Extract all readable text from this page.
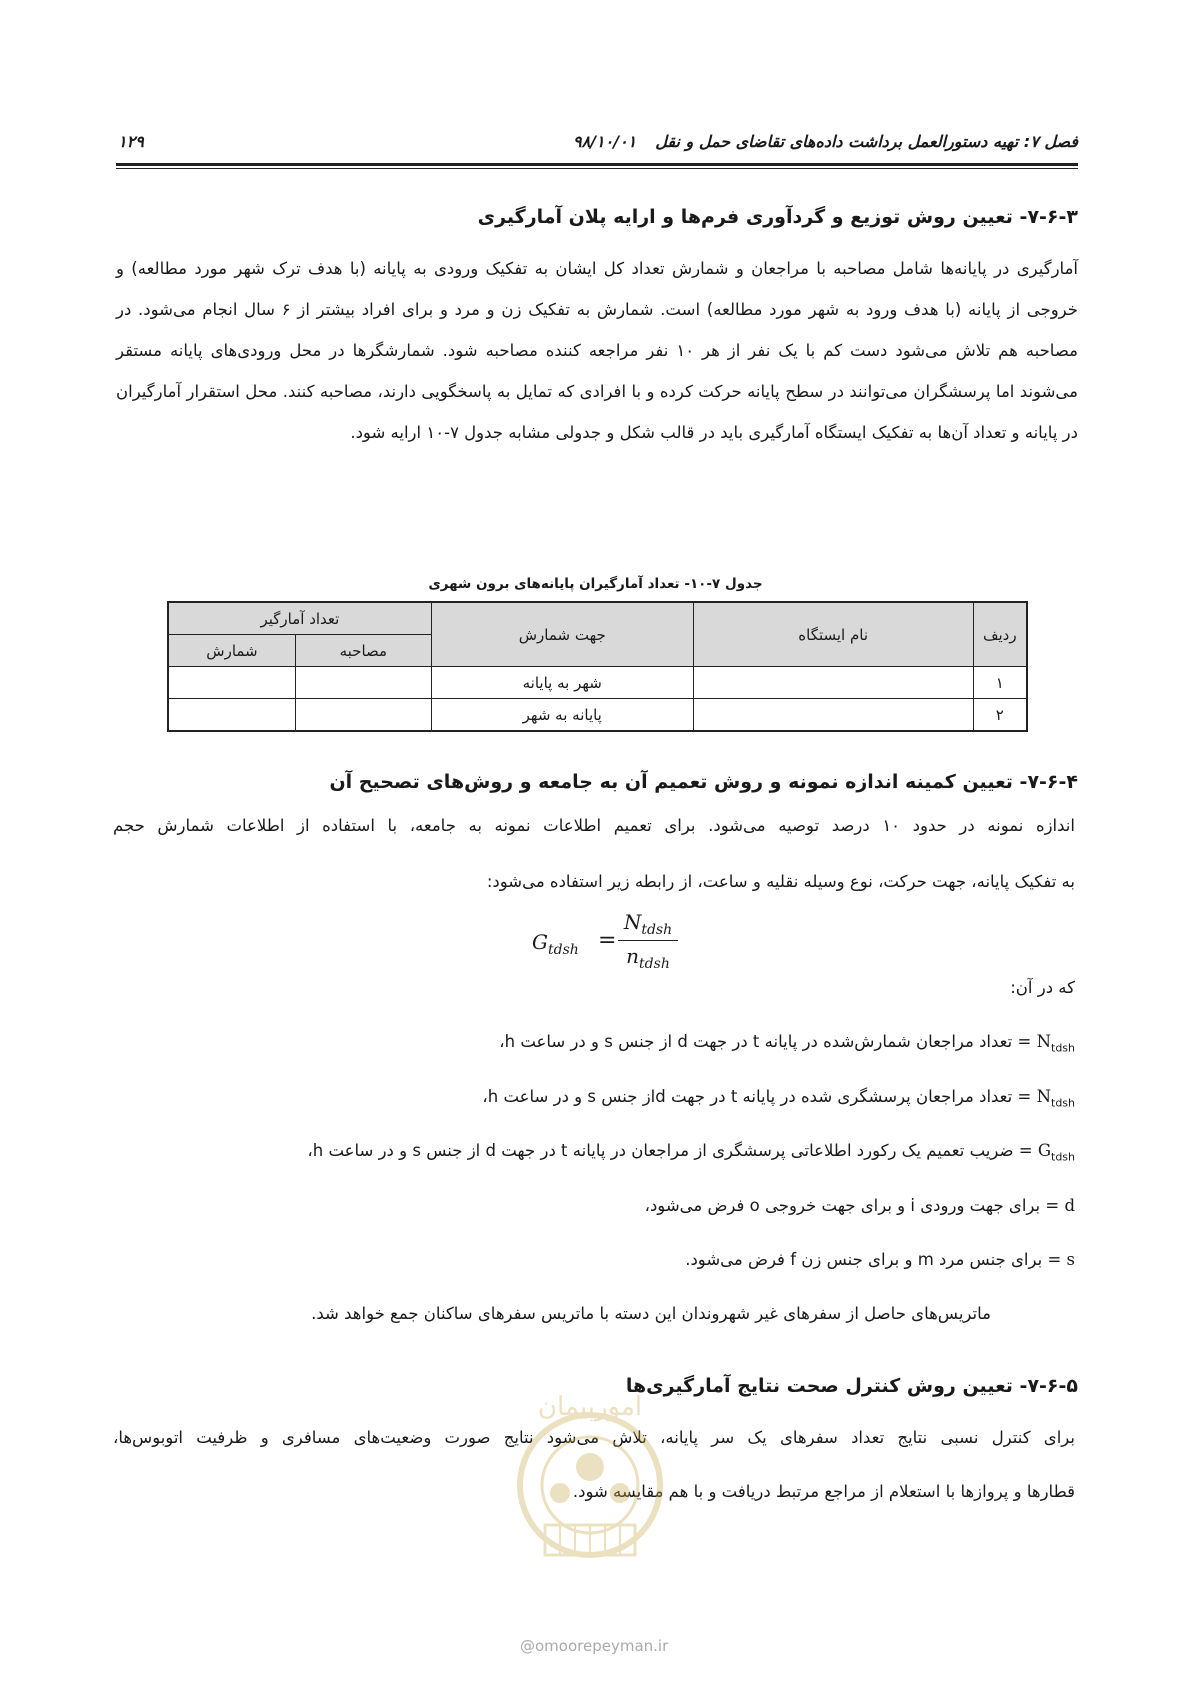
فصل ۷: تهیه دستورالعمل برداشت داده‌های تقاضای حمل و نقل
۹۸/۱۰/۰۱
۱۲۹
۷-۶-۳- تعیین روش توزیع و گردآوری فرم‌ها و ارایه پلان آمارگیری

آمارگیری در پایانه‌ها شامل مصاحبه با مراجعان و شمارش تعداد کل ایشان به تفکیک ورودی به پایانه (با هدف ترک شهر مورد مطالعه) و خروجی از پایانه (با هدف ورود به شهر مورد مطالعه) است. شمارش به تفکیک زن و مرد و برای افراد بیشتر از ۶ سال انجام می‌شود. در مصاحبه هم تلاش می‌شود دست کم با یک نفر از هر ۱۰ نفر مراجعه کننده مصاحبه شود. شمارشگرها در محل ورودی‌های پایانه مستقر می‌شوند اما پرسشگران می‌توانند در سطح پایانه حرکت کرده و با افرادی که تمایل به پاسخگویی دارند، مصاحبه کنند. محل استقرار آمارگیران در پایانه و تعداد آن‌ها به تفکیک ایستگاه آمارگیری باید در قالب شکل و جدولی مشابه جدول ۷-۱۰ ارایه شود.

جدول ۷-۱۰- تعداد آمارگیران پایانه‌های برون شهری
ردیف	نام ایستگاه	جهت شمارش	تعداد آمارگیر	
			مصاحبه	شمارش
۱		شهر به پایانه		
۲		پایانه به شهر		
۷-۶-۴- تعیین کمینه اندازه نمونه و روش تعمیم آن به جامعه و روش‌های تصحیح آن
اندازه نمونه در حدود ۱۰ درصد توصیه می‌شود. برای تعمیم اطلاعات نمونه به جامعه، با استفاده از اطلاعات شمارش حجم
به تفکیک پایانه، جهت حرکت، نوع وسیله نقلیه و ساعت، از رابطه زیر استفاده می‌شود:
$G_{tdsh}$ =
$N_{tdsh}$
$n_{tdsh}$
که در آن:
$N_{tdsh}$ = تعداد مراجعان شمارش‌شده در پایانه t در جهت d از جنس s و در ساعت h،
$N_{tdsh}$ = تعداد مراجعان پرسشگری شده در پایانه t در جهت dاز جنس s و در ساعت h،
$G_{tdsh}$ = ضریب تعمیم یک رکورد اطلاعاتی پرسشگری از مراجعان در پایانه t در جهت d از جنس s و در ساعت h،
d = برای جهت ورودی i و برای جهت خروجی o فرض می‌شود،
s = برای جنس مرد m و برای جنس زن f فرض می‌شود.
ماتریس‌های حاصل از سفرهای غیر شهروندان این دسته با ماتریس سفرهای ساکنان جمع خواهد شد.
۷-۶-۵- تعیین روش کنترل صحت نتایج آمارگیری‌ها
برای کنترل نسبی نتایج تعداد سفرهای یک سر پایانه، تلاش می‌شود نتایج صورت وضعیت‌های مسافری و ظرفیت اتوبوس‌ها،
قطارها و پروازها با استعلام از مراجع مرتبط دریافت و با هم مقایسه شود.
امورپیمان
@omoorepeyman.ir
